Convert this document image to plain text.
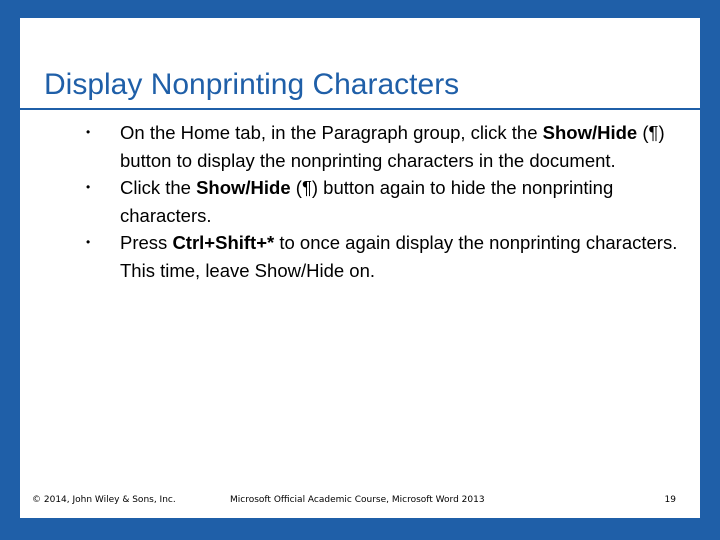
Display Nonprinting Characters
• On the Home tab, in the Paragraph group, click the Show/Hide (¶) button to display the nonprinting characters in the document.
• Click the Show/Hide (¶) button again to hide the nonprinting characters.
• Press Ctrl+Shift+* to once again display the nonprinting characters. This time, leave Show/Hide on.
© 2014, John Wiley & Sons, Inc.	Microsoft Official Academic Course, Microsoft Word 2013	19
